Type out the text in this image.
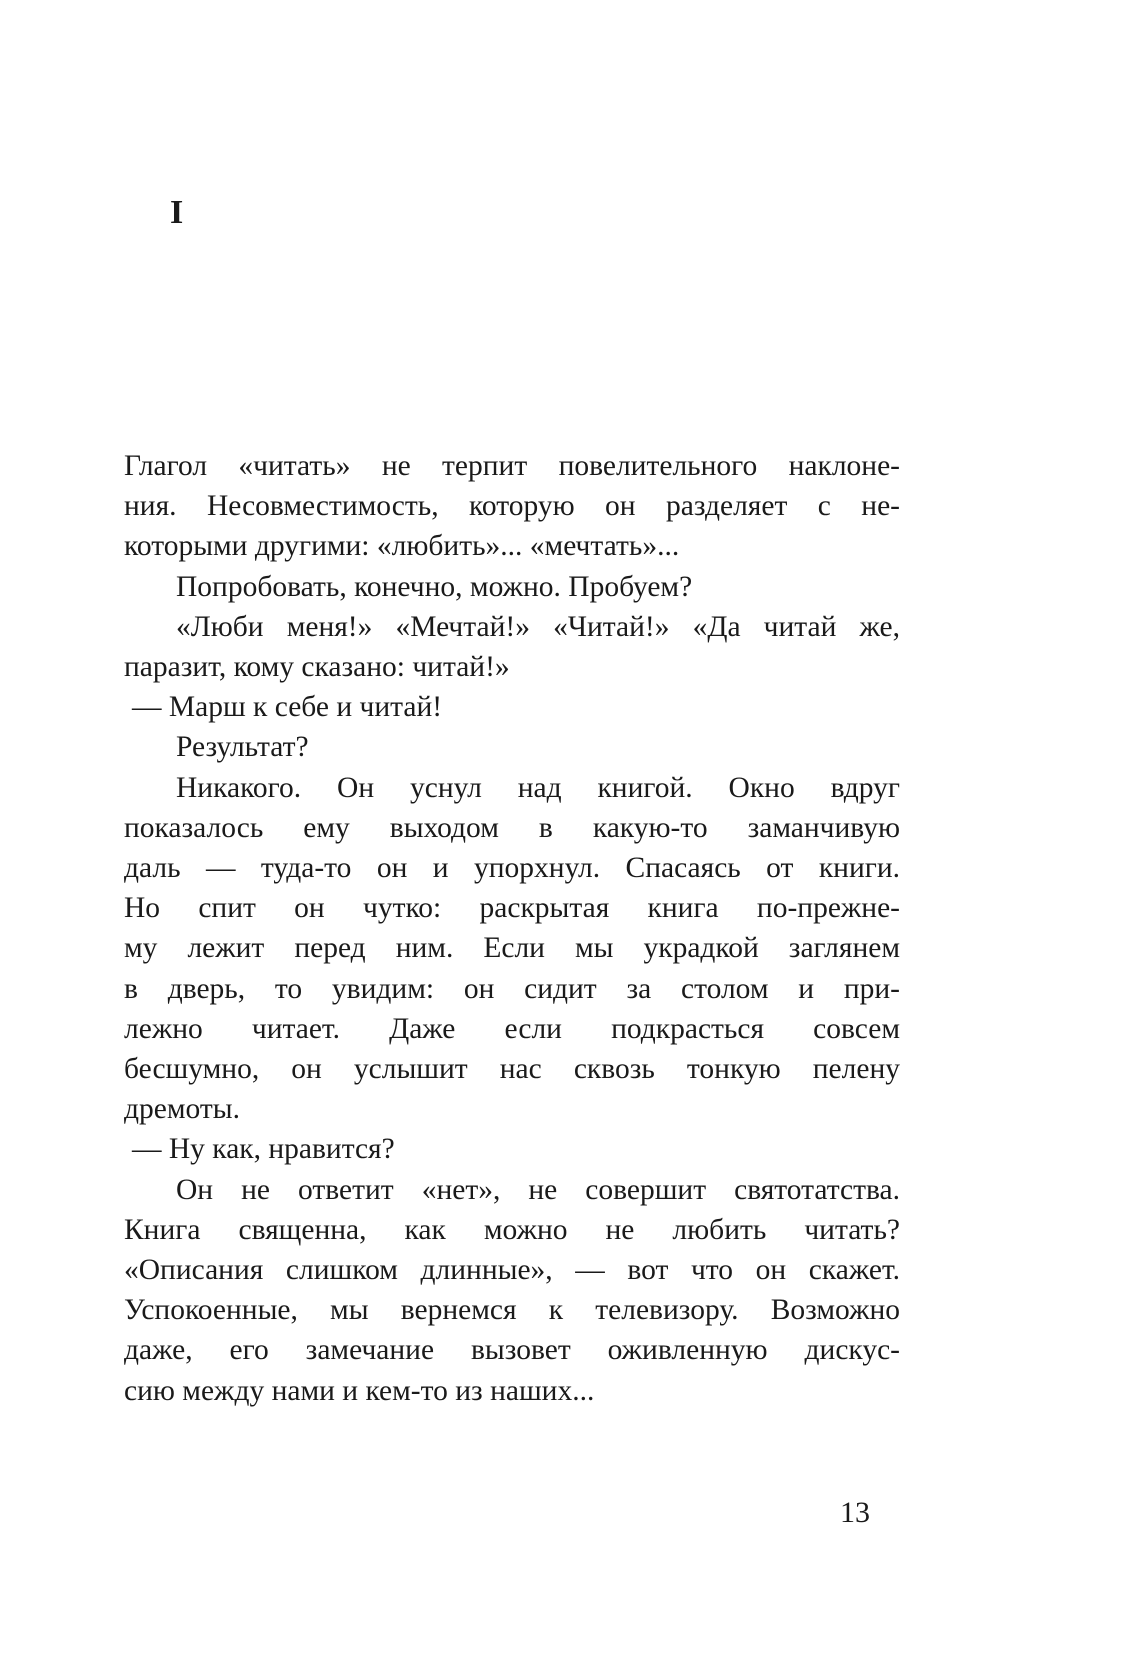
I
Глагол «читать» не терпит повелительного наклоне-
ния. Несовместимость, которую он разделяет с не-
которыми другими: «любить»... «мечтать»...
Попробовать, конечно, можно. Пробуем?
«Люби меня!» «Мечтай!» «Читай!» «Да читай же,
паразит, кому сказано: читай!»
— Марш к себе и читай!
Результат?
Никакого. Он уснул над книгой. Окно вдруг
показалось ему выходом в какую-то заманчивую
даль — туда-то он и упорхнул. Спасаясь от книги.
Но спит он чутко: раскрытая книга по-прежне-
му лежит перед ним. Если мы украдкой заглянем
в дверь, то увидим: он сидит за столом и при-
лежно читает. Даже если подкрасться совсем
бесшумно, он услышит нас сквозь тонкую пелену
дремоты.
— Ну как, нравится?
Он не ответит «нет», не совершит святотатства.
Книга священна, как можно не любить читать?
«Описания слишком длинные», — вот что он скажет.
Успокоенные, мы вернемся к телевизору. Возможно
даже, его замечание вызовет оживленную дискус-
сию между нами и кем-то из наших...
13
